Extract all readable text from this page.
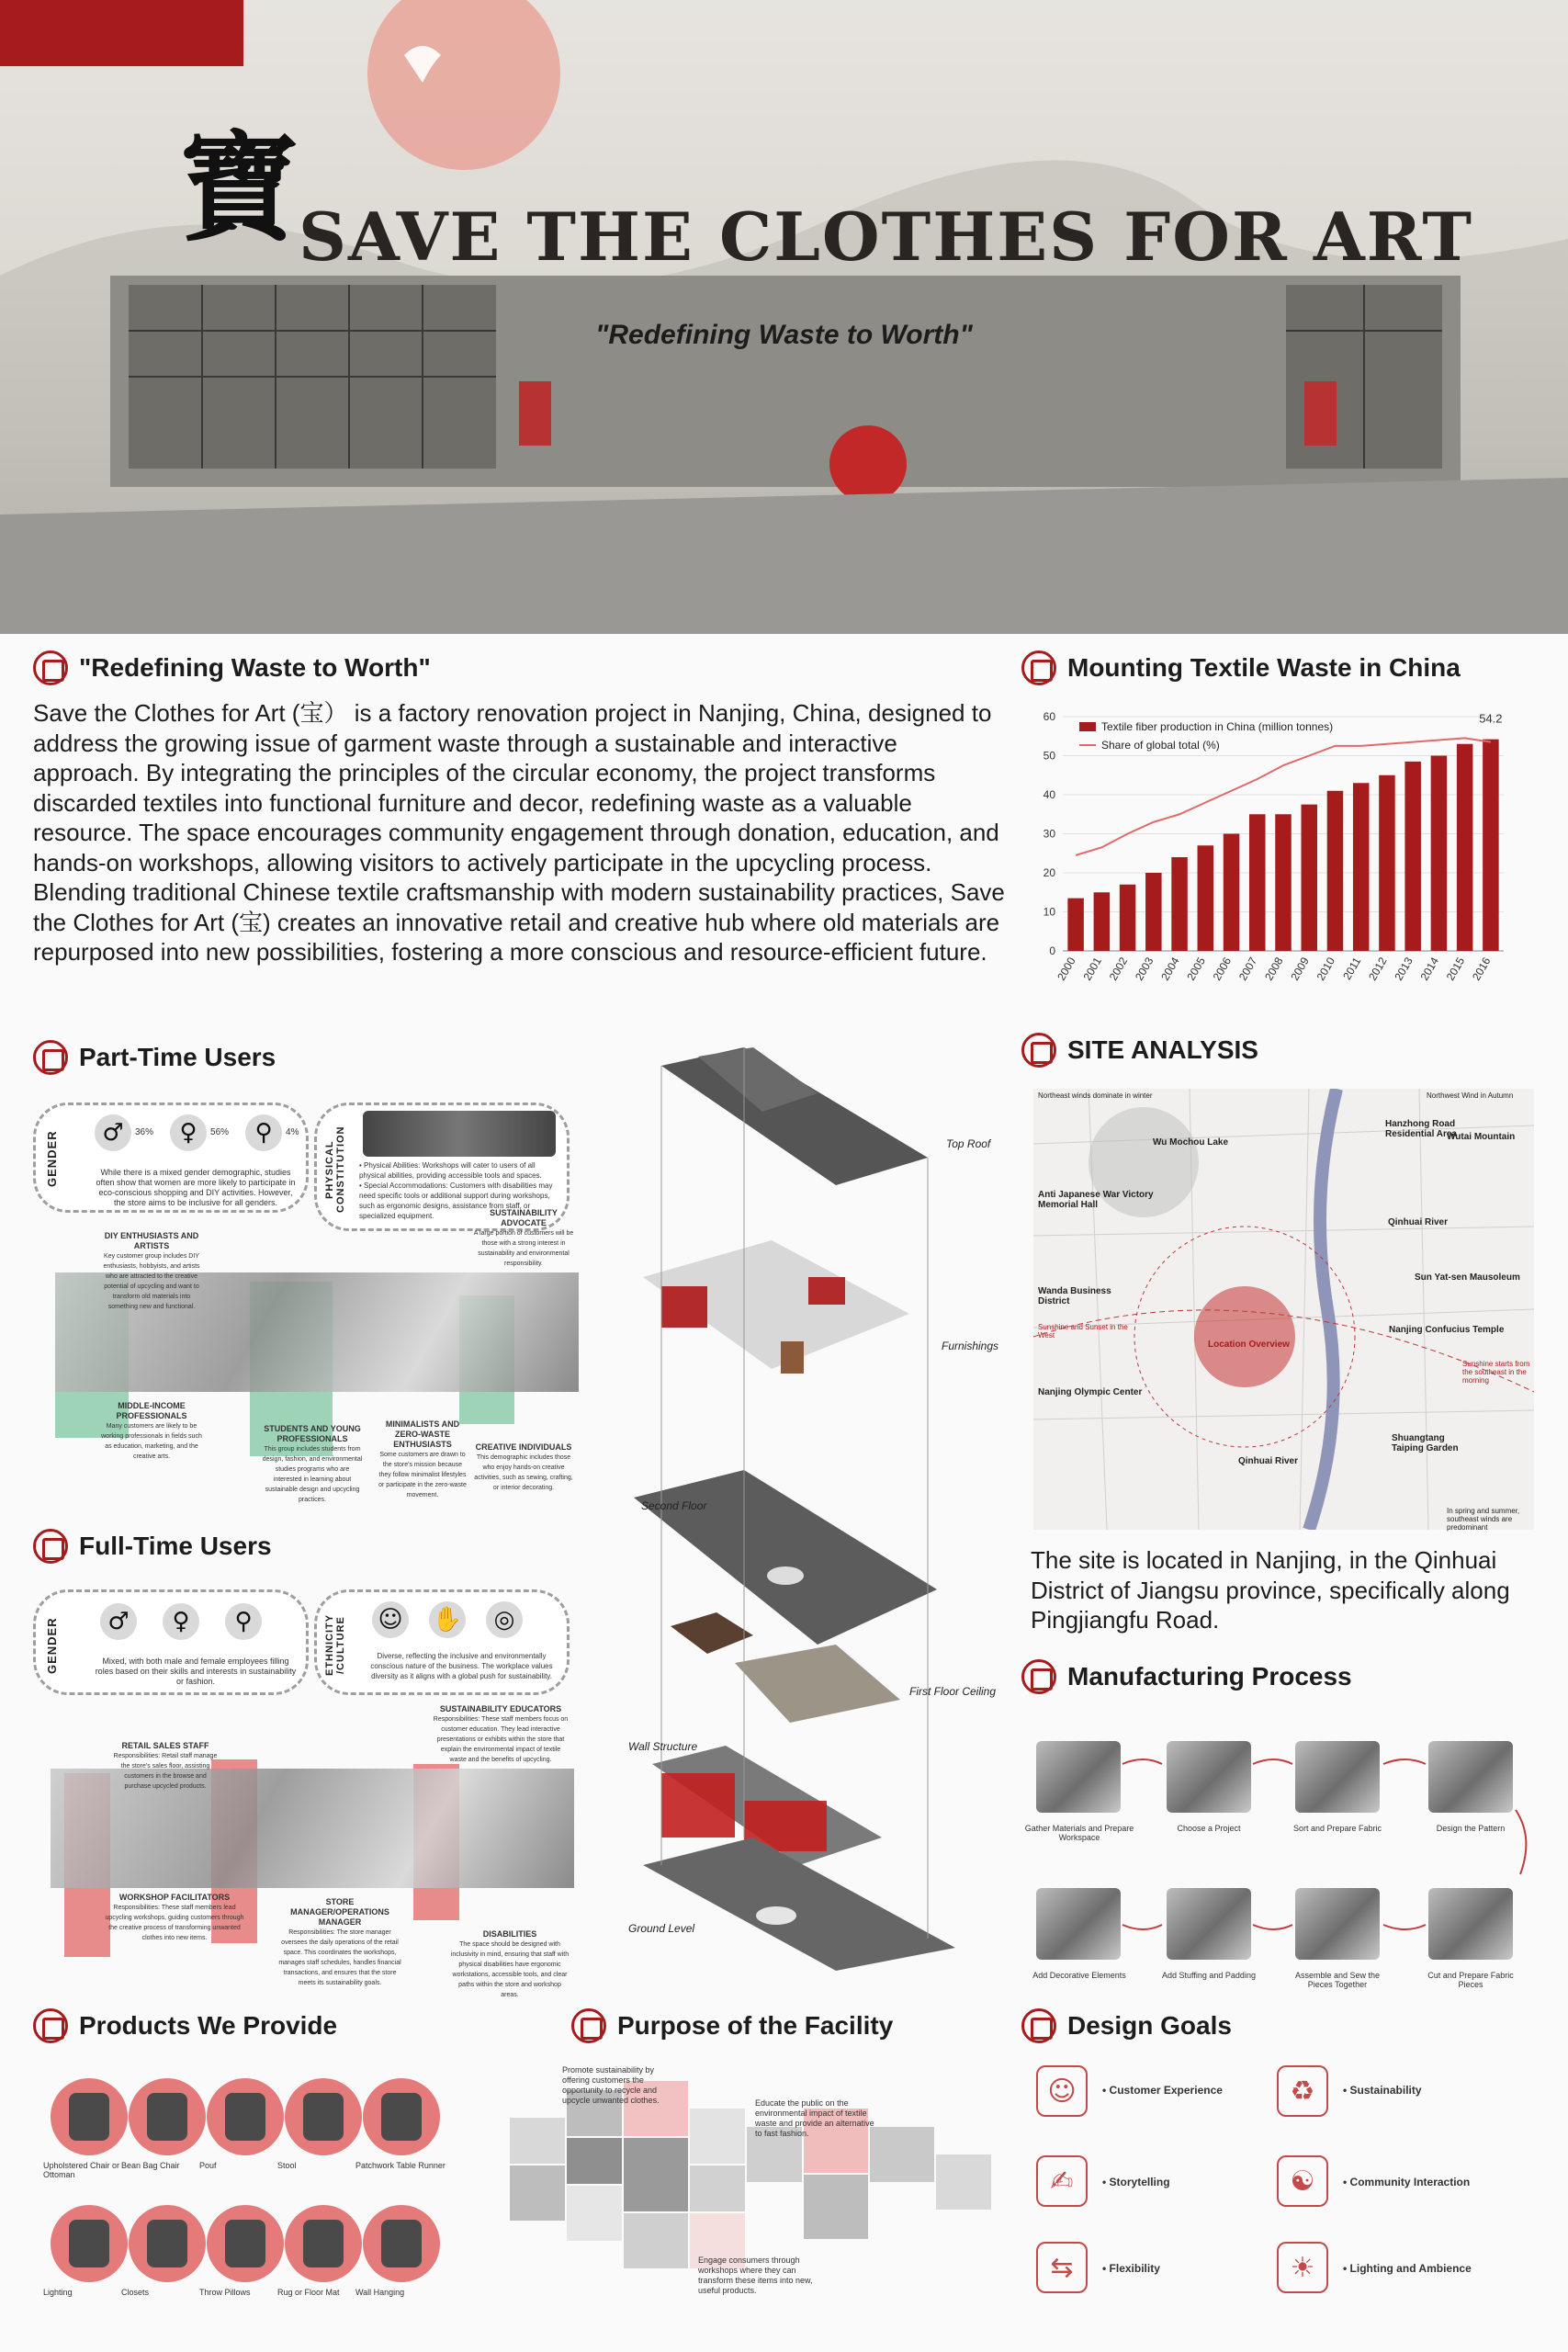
寶 SAVE THE CLOTHES FOR ART
"Redefining Waste to Worth"
"Redefining Waste to Worth"

Save the Clothes for Art (宝） is a factory renovation project in Nanjing, China, designed to address the growing issue of garment waste through a sustainable and interactive approach. By integrating the principles of the circular economy, the project transforms discarded textiles into functional furniture and decor, redefining waste as a valuable resource. The space encourages community engagement through donation, education, and hands-on workshops, allowing visitors to actively participate in the upcycling process. Blending traditional Chinese textile craftsmanship with modern sustainability practices, Save the Clothes for Art (宝) creates an innovative retail and creative hub where old materials are repurposed into new possibilities, fostering a more conscious and resource-efficient future.

Mounting Textile Waste in China
0
10
20
30
40
50
60
2000 2001 2002 2003 2004 2005 2006 2007 2008 2009 2010 2011 2012 2013 2014 2015 2016
Textile fiber production in China (million tonnes)
Share of global total (%)
54.2
Part-Time Users
GENDER	♂	36%	♀	56%	⚲	4%
While there is a mixed gender demographic, studies often show that women are more likely to participate in eco-conscious shopping and DIY activities. However, the store aims to be inclusive for all genders.
PHYSICAL CONSTITUTION • Physical Abilities: Workshops will cater to users of all physical abilities, providing accessible tools and spaces.
• Special Accommodations: Customers with disabilities may need specific tools or additional support during workshops, such as ergonomic designs, assistance from staff, or specialized equipment.
DIY ENTHUSIASTS AND ARTISTS
Key customer group includes DIY enthusiasts, hobbyists, and artists who are attracted to the creative potential of upcycling and want to transform old materials into something new and functional.
SUSTAINABILITY ADVOCATE
A large portion of customers will be those with a strong interest in sustainability and environmental responsibility.
MIDDLE-INCOME PROFESSIONALS
Many customers are likely to be working professionals in fields such as education, marketing, and the creative arts.
STUDENTS AND YOUNG PROFESSIONALS
This group includes students from design, fashion, and environmental studies programs who are interested in learning about sustainable design and upcycling practices.
MINIMALISTS AND ZERO-WASTE ENTHUSIASTS
Some customers are drawn to the store's mission because they follow minimalist lifestyles or participate in the zero-waste movement.
CREATIVE INDIVIDUALS
This demographic includes those who enjoy hands-on creative activities, such as sewing, crafting, or interior decorating.
Full-Time Users
GENDER	♂	♀	⚲
Mixed, with both male and female employees filling roles based on their skills and interests in sustainability or fashion.
ETHNICITY /CULTURE ☺ ✋	◎
Diverse, reflecting the inclusive and environmentally conscious nature of the business. The workplace values diversity as it aligns with a global push for sustainability.
RETAIL SALES STAFF
Responsibilities: Retail staff manage the store's sales floor, assisting customers in the browse and purchase upcycled products.
SUSTAINABILITY EDUCATORS
Responsibilities: These staff members focus on customer education. They lead interactive presentations or exhibits within the store that explain the environmental impact of textile waste and the benefits of upcycling.
WORKSHOP FACILITATORS
Responsibilities: These staff members lead upcycling workshops, guiding customers through the creative process of transforming unwanted clothes into new items.
STORE MANAGER/OPERATIONS MANAGER
Responsibilities: The store manager oversees the daily operations of the retail space. This coordinates the workshops, manages staff schedules, handles financial transactions, and ensures that the store meets its sustainability goals.
DISABILITIES
The space should be designed with inclusivity in mind, ensuring that staff with physical disabilities have ergonomic workstations, accessible tools, and clear paths within the store and workshop areas.
Top Roof
Furnishings
Second Floor
First Floor Ceiling
Wall Structure
Ground Level
SITE ANALYSIS
Northeast winds dominate in winter	Northwest Wind in Autumn
Wu Mochou Lake
Hanzhong Road Residential Area
Wutai Mountain
Anti Japanese War Victory Memorial Hall
Qinhuai River
Sun Yat-sen Mausoleum
Wanda Business District
Nanjing Confucius Temple
Location Overview
Sunshine and Sunset in the West
Nanjing Olympic Center
Sunshine starts from the southeast in the morning
Shuangtang Taiping Garden
Qinhuai River
In spring and summer, southeast winds are predominant

The site is located in Nanjing, in the Qinhuai District of Jiangsu province, specifically along Pingjiangfu Road.

Manufacturing Process
Gather Materials and Prepare Workspace
Choose a Project	Sort and Prepare Fabric	Design the Pattern
Cut and Prepare Fabric Pieces
Assemble and Sew the Pieces Together
Add Stuffing and Padding
Add Decorative Elements
Products We Provide
Upholstered Chair or Ottoman
Bean Bag Chair	Pouf	Stool	Patchwork Table Runner
Lighting	Closets	Throw Pillows	Rug or Floor Mat	Wall Hanging
Purpose of the Facility
Promote sustainability by offering customers the opportunity to recycle and upcycle unwanted clothes.	Educate the public on the environmental impact of textile waste and provide an alternative to fast fashion.
Engage consumers through workshops where they can transform these items into new, useful products.
Design Goals
☺	• Customer Experience	♻	• Sustainability
✍	• Storytelling	☯	• Community Interaction
⇆	• Flexibility	☀	• Lighting and Ambience
